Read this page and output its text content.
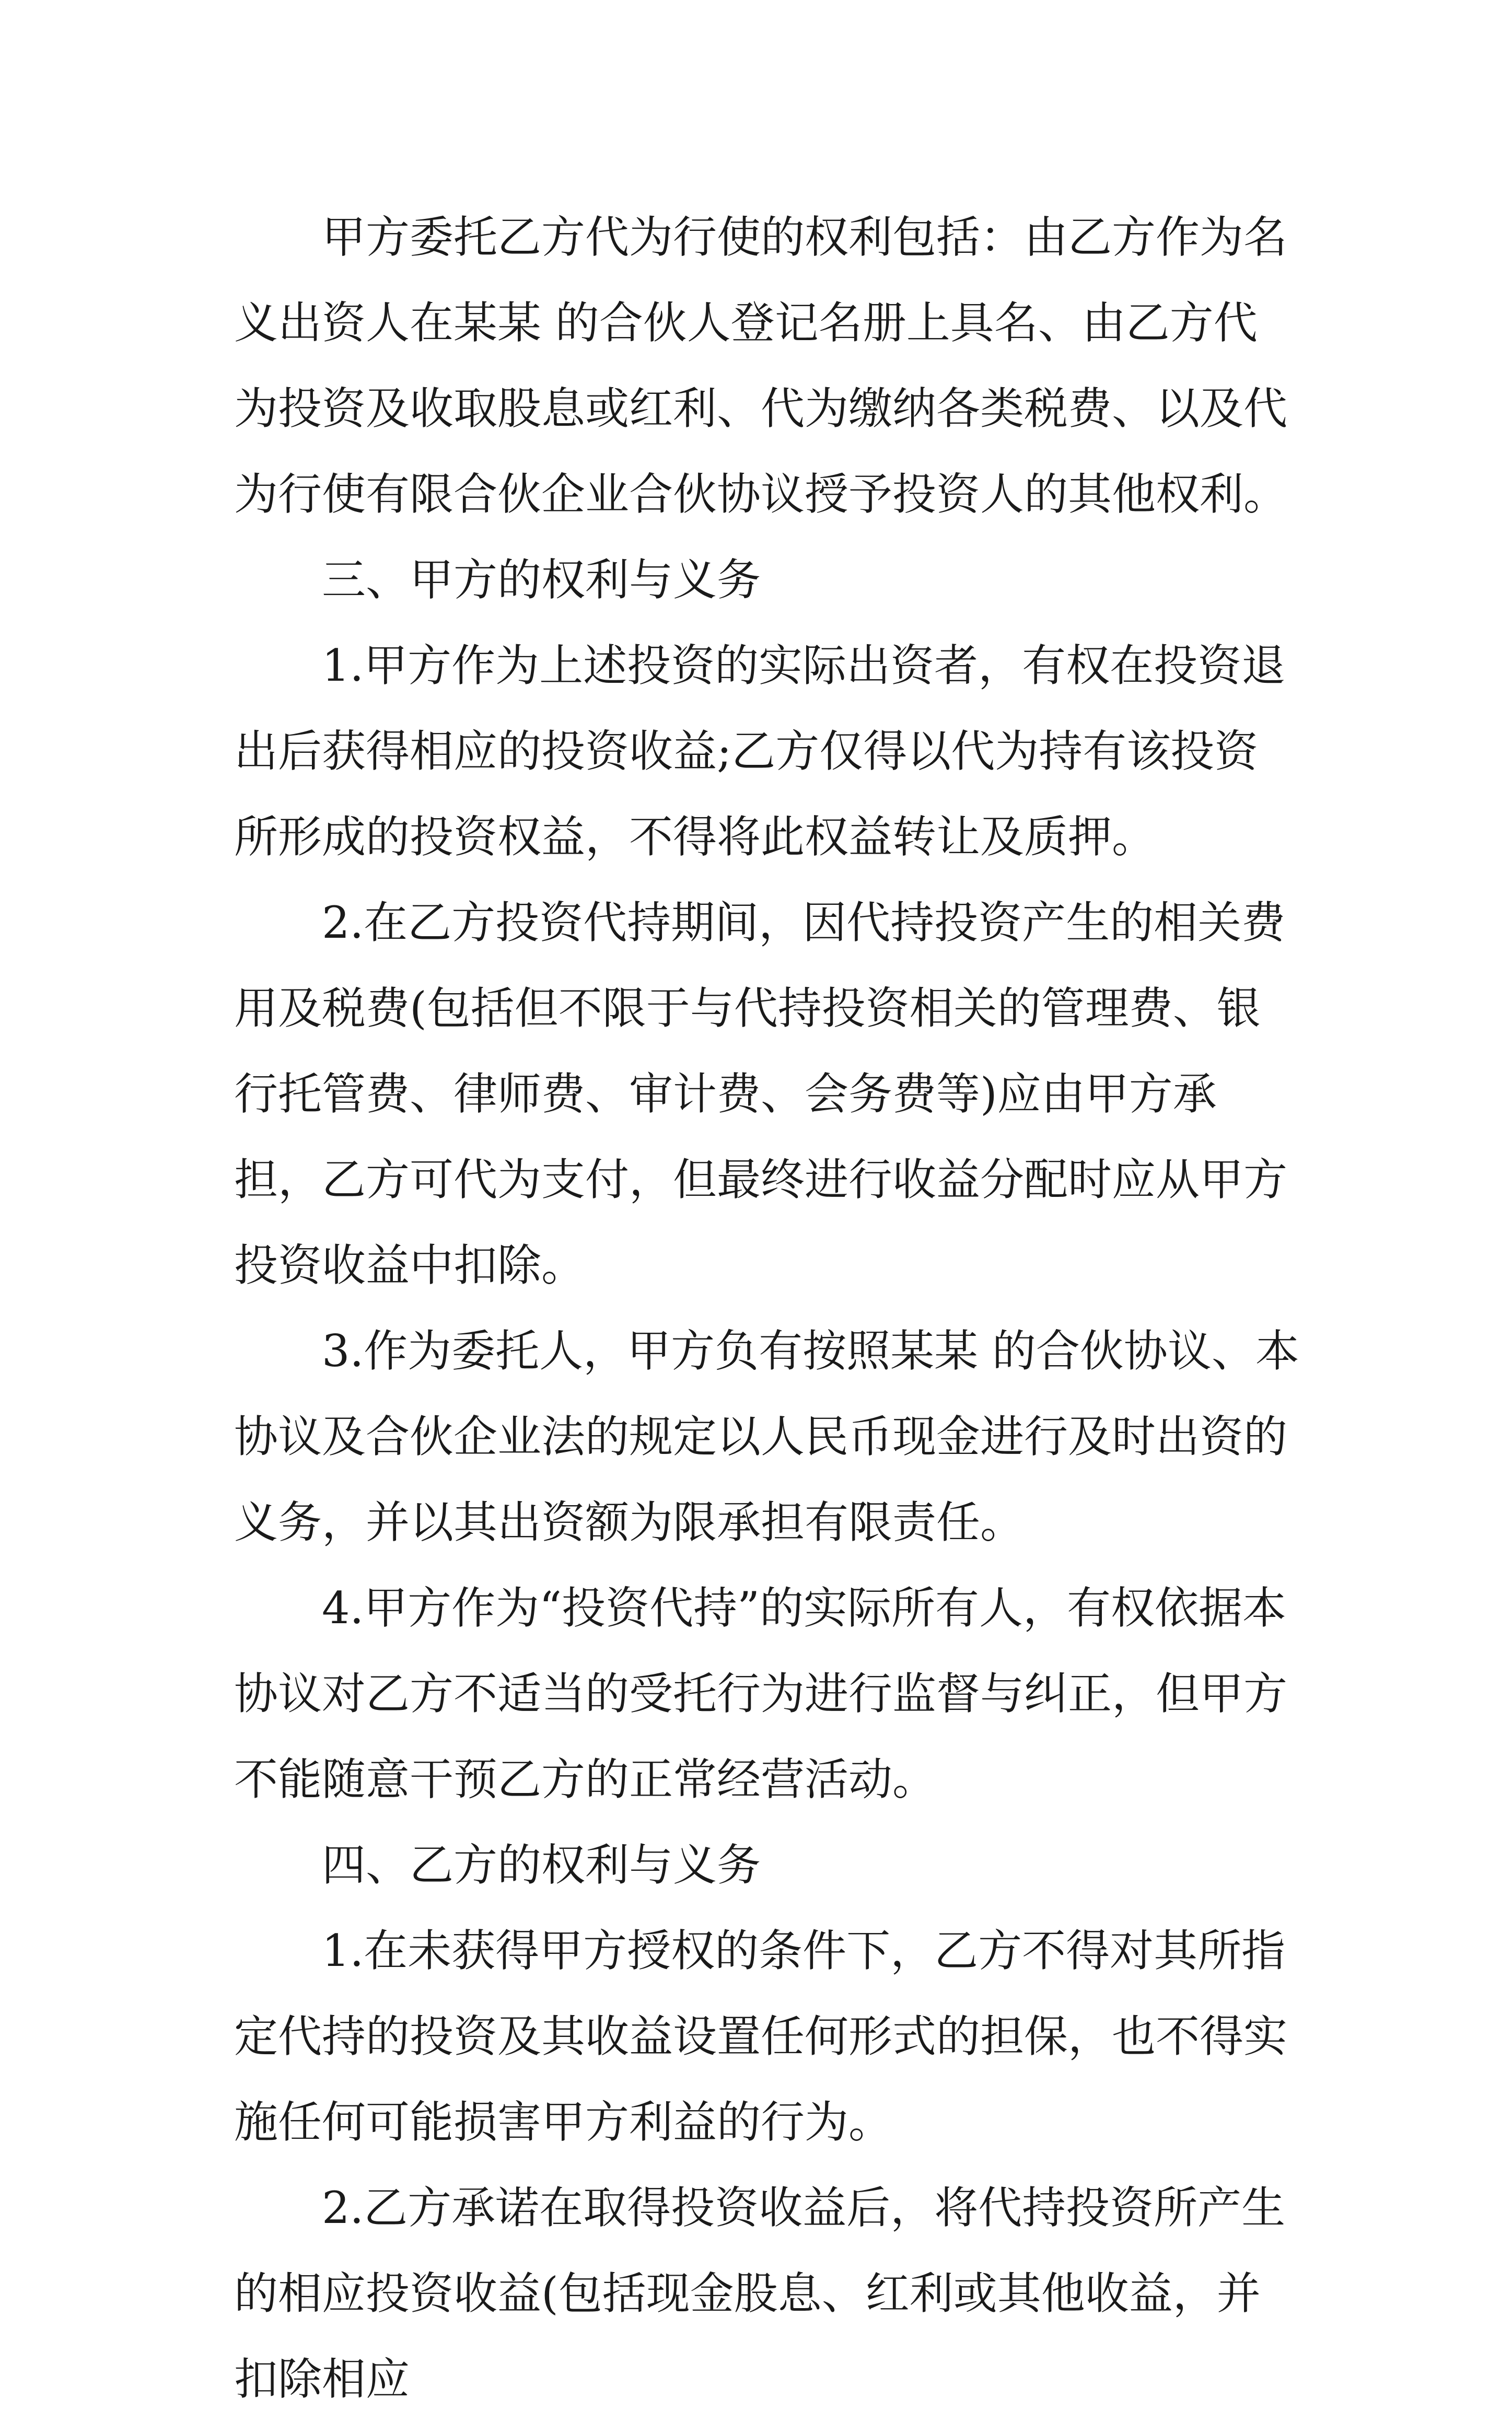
甲方委托乙方代为行使的权利包括：由乙方作为名义出资人在某某 的合伙人登记名册上具名、由乙方代为投资及收取股息或红利、代为缴纳各类税费、以及代为行使有限合伙企业合伙协议授予投资人的其他权利。

三、甲方的权利与义务

1.甲方作为上述投资的实际出资者，有权在投资退出后获得相应的投资收益;乙方仅得以代为持有该投资所形成的投资权益，不得将此权益转让及质押。

2.在乙方投资代持期间，因代持投资产生的相关费用及税费(包括但不限于与代持投资相关的管理费、银行托管费、律师费、审计费、会务费等)应由甲方承担，乙方可代为支付，但最终进行收益分配时应从甲方投资收益中扣除。

3.作为委托人，甲方负有按照某某 的合伙协议、本协议及合伙企业法的规定以人民币现金进行及时出资的义务，并以其出资额为限承担有限责任。

4.甲方作为“投资代持”的实际所有人，有权依据本协议对乙方不适当的受托行为进行监督与纠正，但甲方不能随意干预乙方的正常经营活动。

四、乙方的权利与义务

1.在未获得甲方授权的条件下，乙方不得对其所指定代持的投资及其收益设置任何形式的担保，也不得实施任何可能损害甲方利益的行为。

2.乙方承诺在取得投资收益后，将代持投资所产生的相应投资收益(包括现金股息、红利或其他收益，并扣除相应
